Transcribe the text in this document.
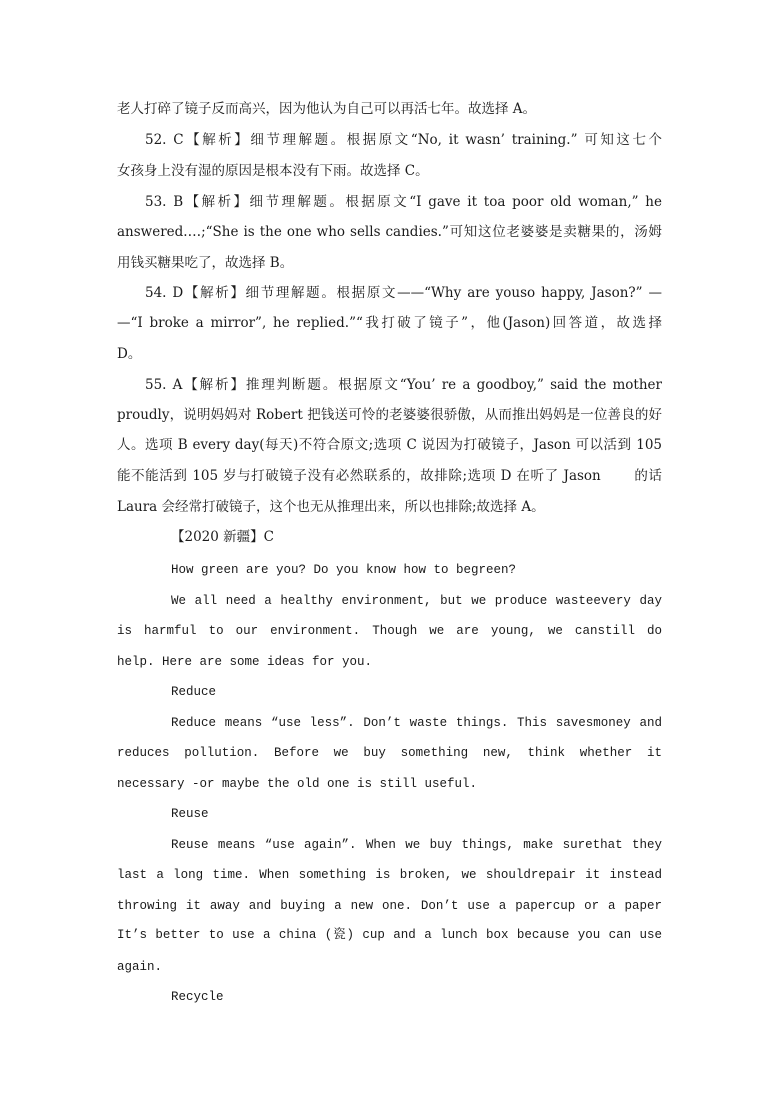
老人打碎了镜子反而高兴，因为他认为自己可以再活七年。故选择 A。
52. C【解析】细节理解题。根据原文“No, it wasn’ training.” 可知这七个
女孩身上没有湿的原因是根本没有下雨。故选择 C。
53. B【解析】细节理解题。根据原文“I gave it toa poor old woman,” he
answered.…;“She is the one who sells candies.”可知这位老婆婆是卖糖果的，汤姆
用钱买糖果吃了，故选择 B。
54. D【解析】细节理解题。根据原文——“Why are youso happy, Jason?” —
—“I broke a mirror”, he replied.”“我打破了镜子”，他(Jason)回答道，故选择
D。
55. A【解析】推理判断题。根据原文“You’ re a goodboy,” said the mother
proudly，说明妈妈对 Robert 把钱送可怜的老婆婆很骄傲，从而推出妈妈是一位善良的好
人。选项 B every day(每天)不符合原文;选项 C 说因为打破镜子，Jason 可以活到 105
能不能活到 105 岁与打破镜子没有必然联系的，故排除;选项 D 在听了 Jason　　 的话
Laura 会经常打破镜子，这个也无从推理出来，所以也排除;故选择 A。
【2020 新疆】C
How green are you? Do you know how to begreen?
We all need a healthy environment, but we produce wasteevery day
is harmful to our environment. Though we are young, we canstill do
help. Here are some ideas for you.
Reduce
Reduce means “use less”. Don’t waste things. This savesmoney and
reduces pollution. Before we buy something new, think whether it
necessary -or maybe the old one is still useful.
Reuse
Reuse means “use again”. When we buy things, make surethat they
last a long time. When something is broken, we shouldrepair it instead
throwing it away and buying a new one. Don’t use a papercup or a paper
It’s better to use a china (瓷) cup and a lunch box because you can use
again.
Recycle
